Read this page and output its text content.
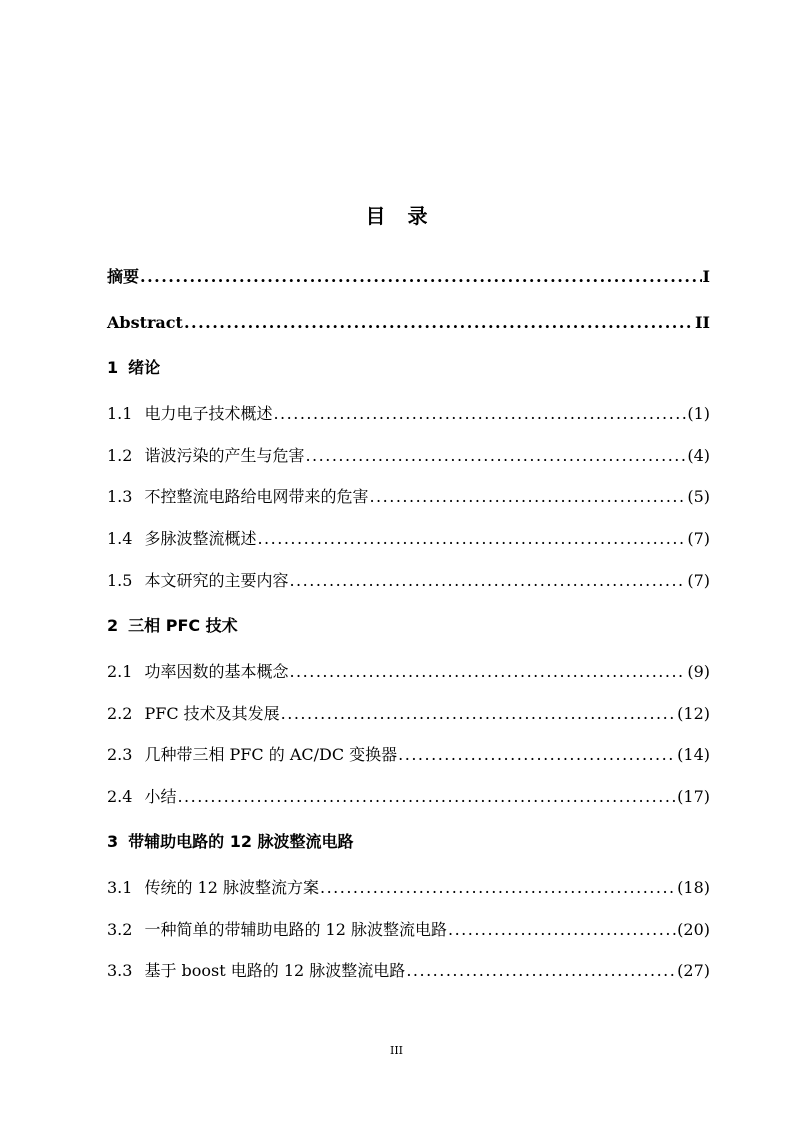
目 录
摘要 .....	I
Abstract .....	II
1 绪论
1.1 电力电子技术概述 .....	(1)
1.2 谐波污染的产生与危害 .....	(4)
1.3 不控整流电路给电网带来的危害 .....	(5)
1.4 多脉波整流概述 .....	(7)
1.5 本文研究的主要内容 .....	(7)
2 三相 PFC 技术
2.1 功率因数的基本概念 .....	(9)
2.2 PFC 技术及其发展 .....	(12)
2.3 几种带三相 PFC 的 AC/DC 变换器 .....	(14)
2.4 小结 .....	(17)
3 带辅助电路的 12 脉波整流电路
3.1 传统的 12 脉波整流方案 .....	(18)
3.2 一种简单的带辅助电路的 12 脉波整流电路 .....	(20)
3.3 基于 boost 电路的 12 脉波整流电路 .....	(27)
III
